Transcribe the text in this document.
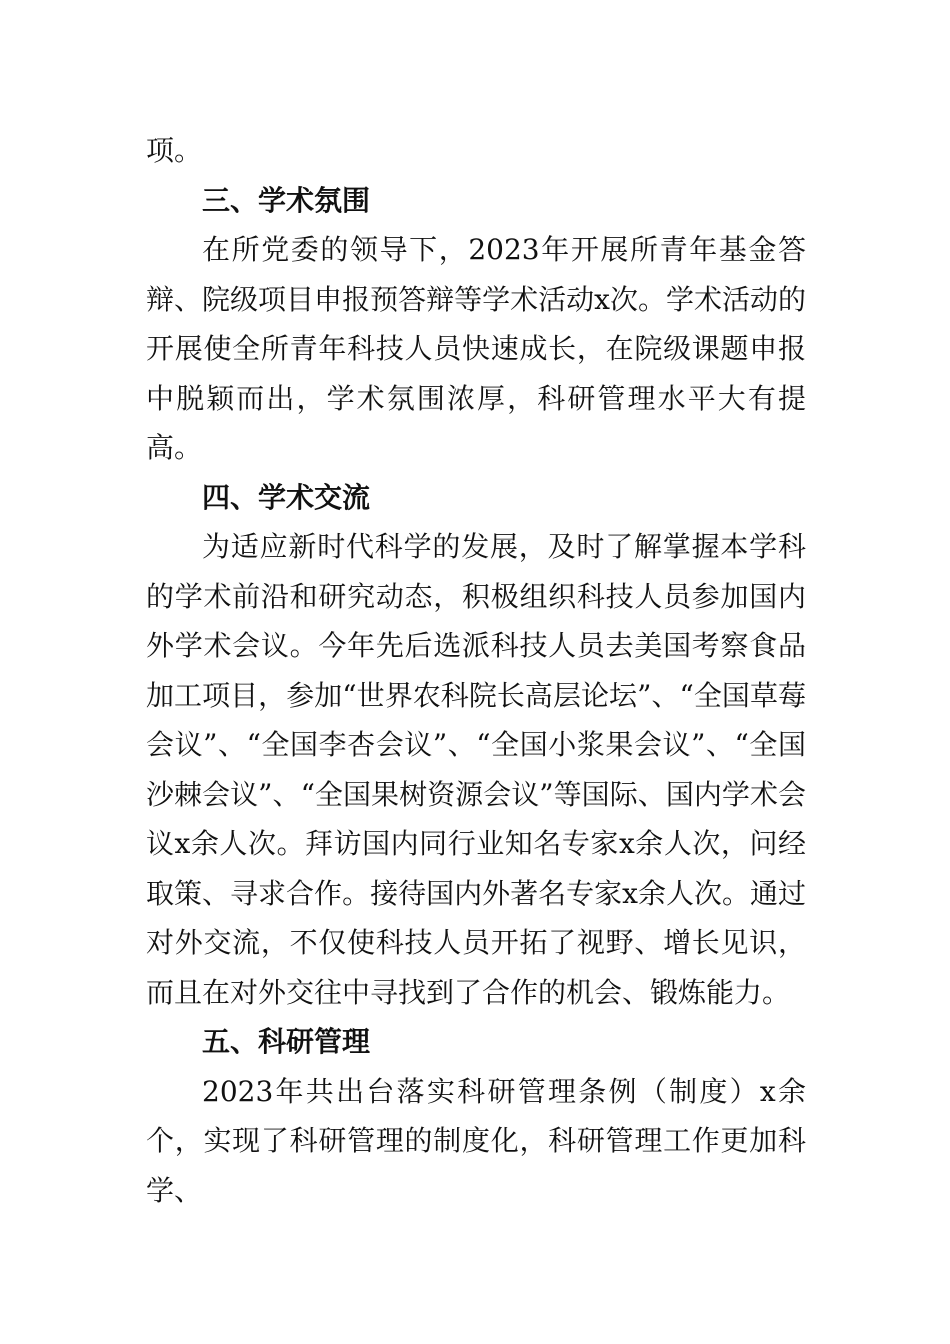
项。

三、学术氛围

在所党委的领导下，2023年开展所青年基金答辩、院级项目申报预答辩等学术活动x次。学术活动的开展使全所青年科技人员快速成长，在院级课题申报中脱颖而出，学术氛围浓厚，科研管理水平大有提高。

四、学术交流

为适应新时代科学的发展，及时了解掌握本学科的学术前沿和研究动态，积极组织科技人员参加国内外学术会议。今年先后选派科技人员去美国考察食品加工项目，参加“世界农科院长高层论坛”、“全国草莓会议”、“全国李杏会议”、“全国小浆果会议”、“全国沙棘会议”、“全国果树资源会议”等国际、国内学术会议x余人次。拜访国内同行业知名专家x余人次，问经取策、寻求合作。接待国内外著名专家x余人次。通过对外交流，不仅使科技人员开拓了视野、增长见识，而且在对外交往中寻找到了合作的机会、锻炼能力。

五、科研管理

2023年共出台落实科研管理条例（制度）x余个，实现了科研管理的制度化，科研管理工作更加科学、
